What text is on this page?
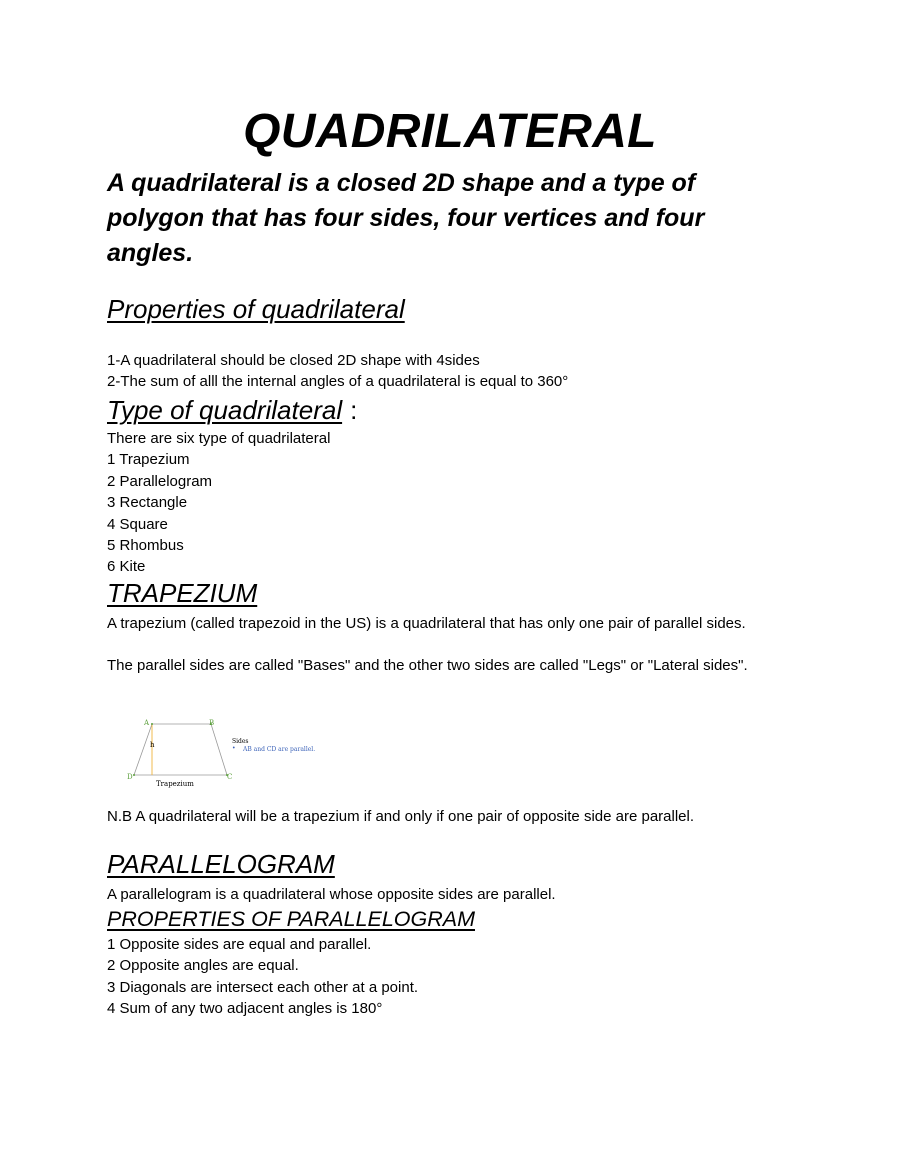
QUADRILATERAL

A quadrilateral is a closed 2D shape and a type of polygon that has four sides, four vertices and four angles.

Properties of quadrilateral
1-A quadrilateral should be closed 2D shape with 4sides
2-The sum of alll the internal angles of a quadrilateral is equal to 360°
Type of quadrilateral :
There are six type of quadrilateral
1 Trapezium
2 Parallelogram
3 Rectangle
4 Square
5 Rhombus
6 Kite
TRAPEZIUM

A trapezium (called trapezoid in the US) is a quadrilateral that has only one pair of parallel sides.

The parallel sides are called "Bases" and the other two sides are called "Legs" or "Lateral sides".

A	B
C
D
h
Trapezium
Sides
• AB and CD are parallel.

N.B A quadrilateral will be a trapezium if and only if one pair of opposite side are parallel.

PARALLELOGRAM

A parallelogram is a quadrilateral whose opposite sides are parallel.

PROPERTIES OF PARALLELOGRAM
1 Opposite sides are equal and parallel.
2 Opposite angles are equal.
3 Diagonals are intersect each other at a point.
4 Sum of any two adjacent angles is 180°
